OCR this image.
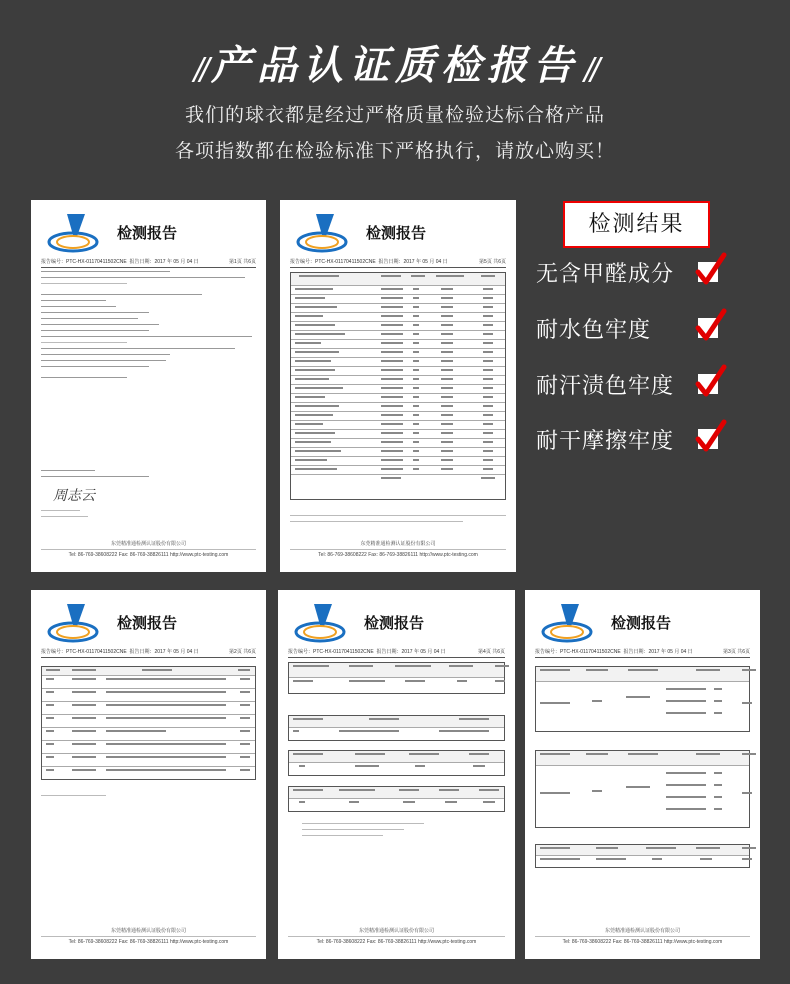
// 产品认证质检报告 //
我们的球衣都是经过严格质量检验达标合格产品
各项指数都在检验标准下严格执行，请放心购买！
检测报告
报告编号：PTC-HX-01170411502CNE 报告日期：2017 年 05 月 04 日	第1页 共6页
周志云
东莞精准通检测认证股份有限公司
Tel: 86-769-38608222 Fax: 86-769-38826111 http://www.ptc-testing.com
检测报告
报告编号：PTC-HX-01170411502CNE 报告日期：2017 年 05 月 04 日	第5页 共6页
东莞精准通检测认证股份有限公司
Tel: 86-769-38608222 Fax: 86-769-38826111 http://www.ptc-testing.com
检测结果
无含甲醛成分
耐水色牢度
耐汗渍色牢度
耐干摩擦牢度
检测报告
报告编号：PTC-HX-01170411502CNE 报告日期：2017 年 05 月 04 日	第2页 共6页
东莞精准通检测认证股份有限公司
Tel: 86-769-38608222 Fax: 86-769-38826111 http://www.ptc-testing.com
检测报告
报告编号：PTC-HX-01170411502CNE 报告日期：2017 年 05 月 04 日	第4页 共6页
东莞精准通检测认证股份有限公司
Tel: 86-769-38608222 Fax: 86-769-38826111 http://www.ptc-testing.com
检测报告
报告编号：PTC-HX-01170411502CNE 报告日期：2017 年 05 月 04 日	第3页 共6页
东莞精准通检测认证股份有限公司
Tel: 86-769-38608222 Fax: 86-769-38826111 http://www.ptc-testing.com
